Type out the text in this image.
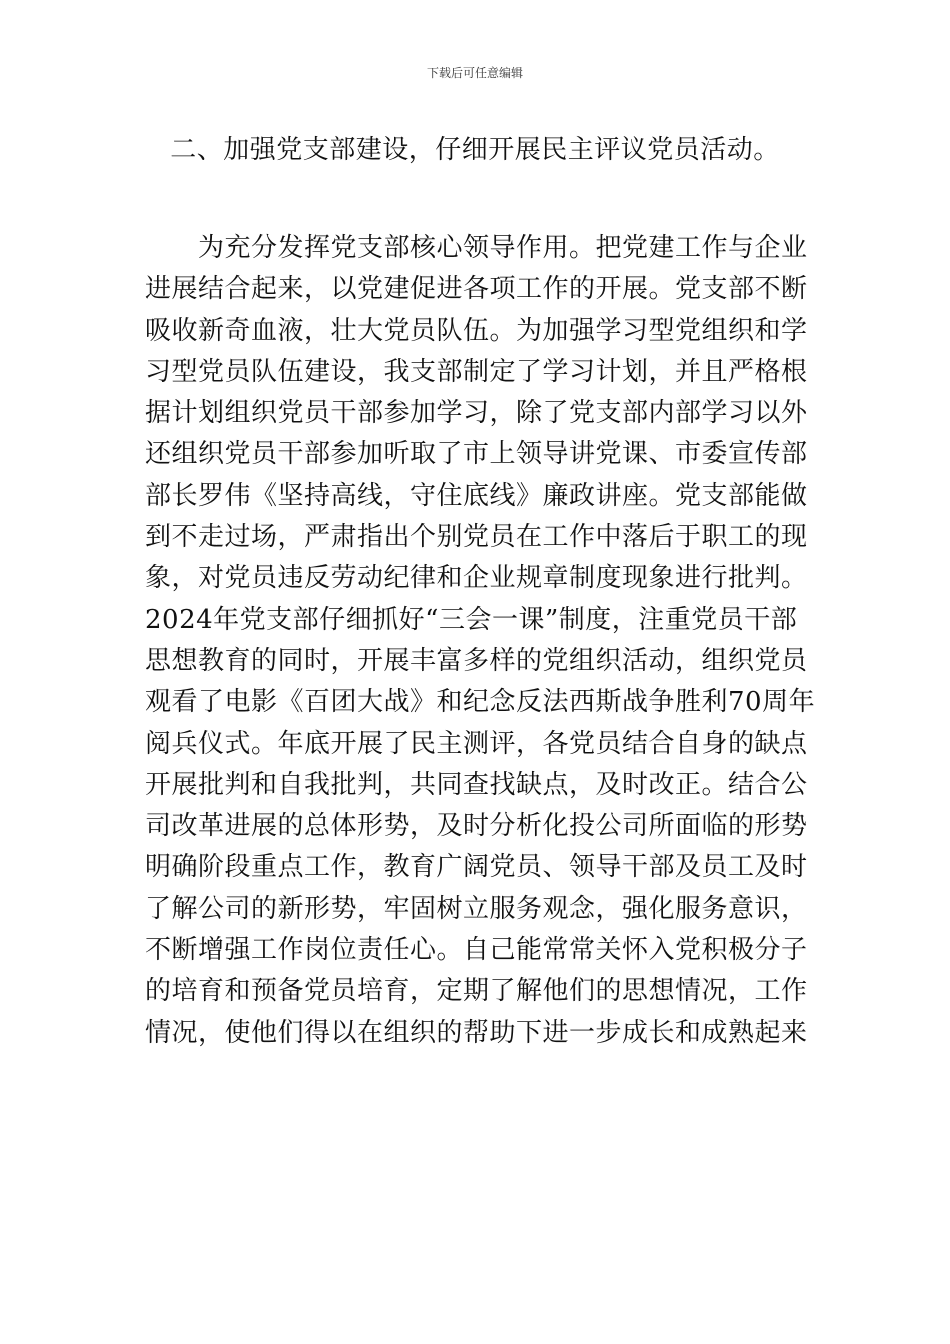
下载后可任意编辑
二、加强党支部建设，仔细开展民主评议党员活动。
　　为充分发挥党支部核心领导作用。把党建工作与企业
进展结合起来，以党建促进各项工作的开展。党支部不断
吸收新奇血液，壮大党员队伍。为加强学习型党组织和学
习型党员队伍建设，我支部制定了学习计划，并且严格根
据计划组织党员干部参加学习，除了党支部内部学习以外
还组织党员干部参加听取了市上领导讲党课、市委宣传部
部长罗伟《坚持高线，守住底线》廉政讲座。党支部能做
到不走过场，严肃指出个别党员在工作中落后于职工的现
象，对党员违反劳动纪律和企业规章制度现象进行批判。
2024年党支部仔细抓好“三会一课”制度，注重党员干部
思想教育的同时，开展丰富多样的党组织活动，组织党员
观看了电影《百团大战》和纪念反法西斯战争胜利70周年
阅兵仪式。年底开展了民主测评，各党员结合自身的缺点
开展批判和自我批判，共同查找缺点，及时改正。结合公
司改革进展的总体形势，及时分析化投公司所面临的形势
明确阶段重点工作，教育广阔党员、领导干部及员工及时
了解公司的新形势，牢固树立服务观念，强化服务意识，
不断增强工作岗位责任心。自己能常常关怀入党积极分子
的培育和预备党员培育，定期了解他们的思想情况，工作
情况，使他们得以在组织的帮助下进一步成长和成熟起来
